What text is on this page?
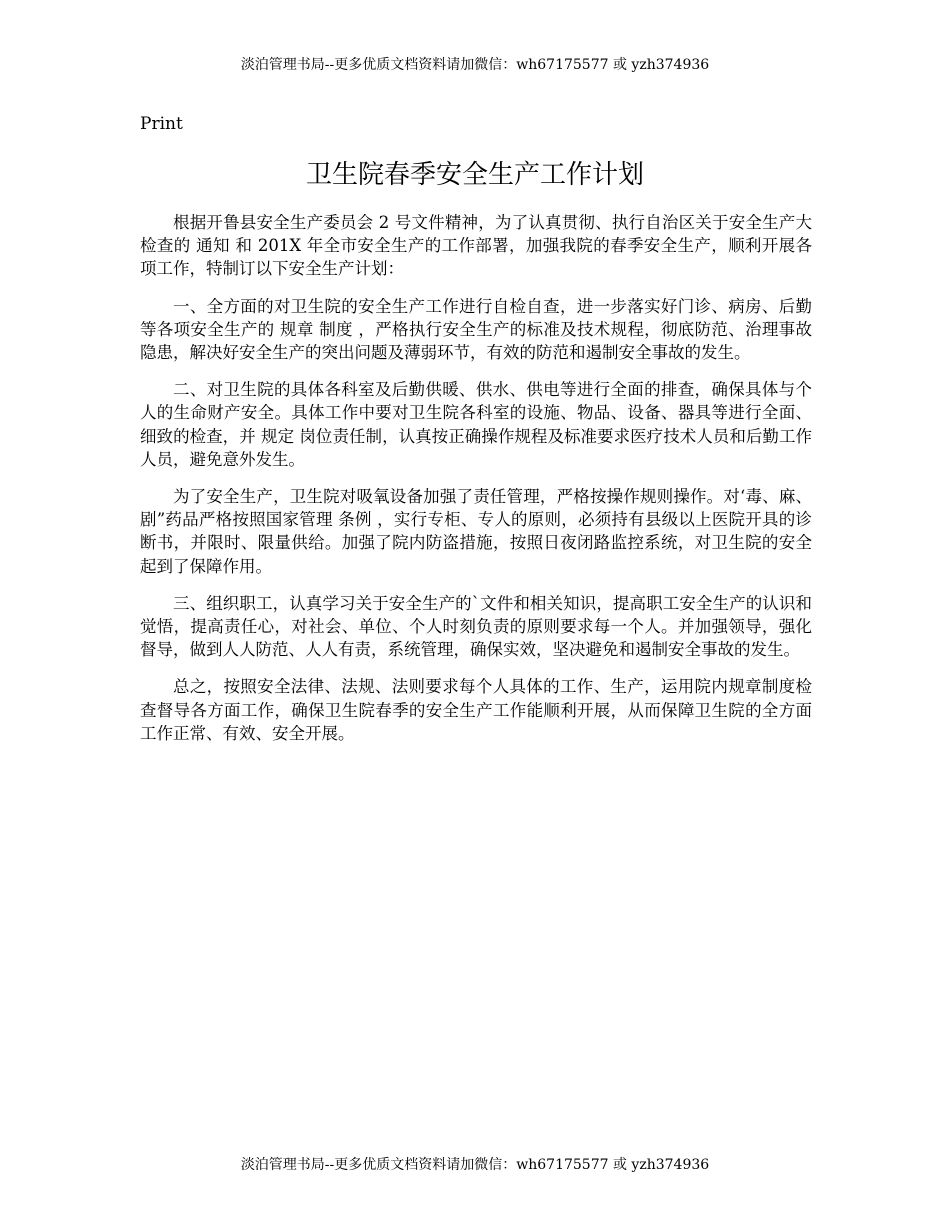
淡泊管理书局--更多优质文档资料请加微信：wh67175577 或 yzh374936
Print
卫生院春季安全生产工作计划

根据开鲁县安全生产委员会 2 号文件精神，为了认真贯彻、执行自治区关于安全生产大检查的 通知 和 201X 年全市安全生产的工作部署，加强我院的春季安全生产，顺利开展各项工作，特制订以下安全生产计划：

一、全方面的对卫生院的安全生产工作进行自检自查，进一步落实好门诊、病房、后勤等各项安全生产的 规章 制度 ，严格执行安全生产的标准及技术规程，彻底防范、治理事故隐患，解决好安全生产的突出问题及薄弱环节，有效的防范和遏制安全事故的发生。

二、对卫生院的具体各科室及后勤供暖、供水、供电等进行全面的排查，确保具体与个人的生命财产安全。具体工作中要对卫生院各科室的设施、物品、设备、器具等进行全面、细致的检查，并 规定 岗位责任制，认真按正确操作规程及标准要求医疗技术人员和后勤工作人员，避免意外发生。

为了安全生产，卫生院对吸氧设备加强了责任管理，严格按操作规则操作。对‘毒、麻、剧”药品严格按照国家管理 条例 ，实行专柜、专人的原则，必须持有县级以上医院开具的诊断书，并限时、限量供给。加强了院内防盗措施，按照日夜闭路监控系统，对卫生院的安全起到了保障作用。

三、组织职工，认真学习关于安全生产的`文件和相关知识，提高职工安全生产的认识和觉悟，提高责任心，对社会、单位、个人时刻负责的原则要求每一个人。并加强领导，强化督导，做到人人防范、人人有责，系统管理，确保实效，坚决避免和遏制安全事故的发生。

总之，按照安全法律、法规、法则要求每个人具体的工作、生产，运用院内规章制度检查督导各方面工作，确保卫生院春季的安全生产工作能顺利开展，从而保障卫生院的全方面工作正常、有效、安全开展。

淡泊管理书局--更多优质文档资料请加微信：wh67175577 或 yzh374936
